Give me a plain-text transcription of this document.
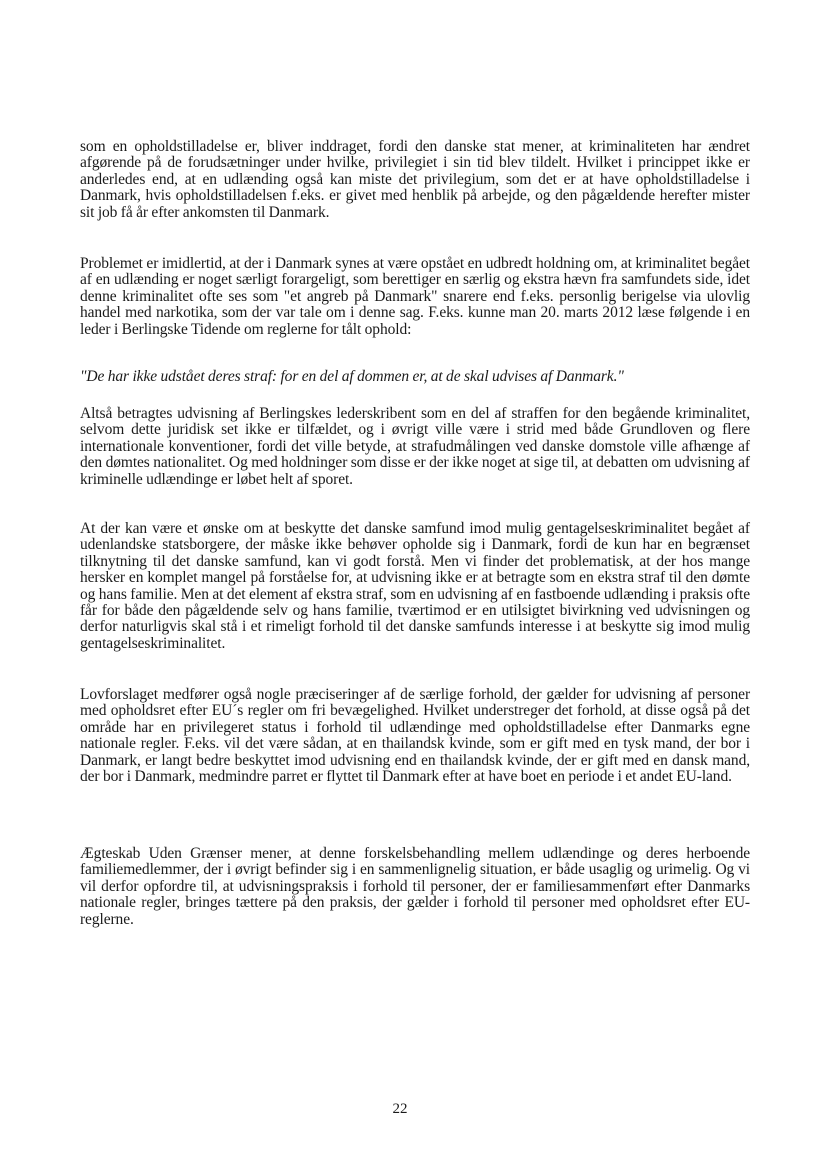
som en opholdstilladelse er, bliver inddraget, fordi den danske stat mener, at kriminaliteten har ændret afgørende på de forudsætninger under hvilke, privilegiet i sin tid blev tildelt. Hvilket i princippet ikke er anderledes end, at en udlænding også kan miste det privilegium, som det er at have opholdstilladelse i Danmark, hvis opholdstilladelsen f.eks. er givet med henblik på arbejde, og den pågældende herefter mister sit job få år efter ankomsten til Danmark.

Problemet er imidlertid, at der i Danmark synes at være opstået en udbredt holdning om, at kriminalitet begået af en udlænding er noget særligt forargeligt, som berettiger en særlig og ekstra hævn fra samfundets side, idet denne kriminalitet ofte ses som "et angreb på Danmark" snarere end f.eks. personlig berigelse via ulovlig handel med narkotika, som der var tale om i denne sag. F.eks. kunne man 20. marts 2012 læse følgende i en leder i Berlingske Tidende om reglerne for tålt ophold:

"De har ikke udstået deres straf: for en del af dommen er, at de skal udvises af Danmark."

Altså betragtes udvisning af Berlingskes lederskribent som en del af straffen for den begående kriminalitet, selvom dette juridisk set ikke er tilfældet, og i øvrigt ville være i strid med både Grundloven og flere internationale konventioner, fordi det ville betyde, at strafudmålingen ved danske domstole ville afhænge af den dømtes nationalitet. Og med holdninger som disse er der ikke noget at sige til, at debatten om udvisning af kriminelle udlændinge er løbet helt af sporet.

At der kan være et ønske om at beskytte det danske samfund imod mulig gentagelseskriminalitet begået af udenlandske statsborgere, der måske ikke behøver opholde sig i Danmark, fordi de kun har en begrænset tilknytning til det danske samfund, kan vi godt forstå. Men vi finder det problematisk, at der hos mange hersker en komplet mangel på forståelse for, at udvisning ikke er at betragte som en ekstra straf til den dømte og hans familie. Men at det element af ekstra straf, som en udvisning af en fastboende udlænding i praksis ofte får for både den pågældende selv og hans familie, tværtimod er en utilsigtet bivirkning ved udvisningen og derfor naturligvis skal stå i et rimeligt forhold til det danske samfunds interesse i at beskytte sig imod mulig gentagelseskriminalitet.

Lovforslaget medfører også nogle præciseringer af de særlige forhold, der gælder for udvisning af personer med opholdsret efter EU´s regler om fri bevægelighed. Hvilket understreger det forhold, at disse også på det område har en privilegeret status i forhold til udlændinge med opholdstilladelse efter Danmarks egne nationale regler. F.eks. vil det være sådan, at en thailandsk kvinde, som er gift med en tysk mand, der bor i Danmark, er langt bedre beskyttet imod udvisning end en thailandsk kvinde, der er gift med en dansk mand, der bor i Danmark, medmindre parret er flyttet til Danmark efter at have boet en periode i et andet EU-land.

Ægteskab Uden Grænser mener, at denne forskelsbehandling mellem udlændinge og deres herboende familiemedlemmer, der i øvrigt befinder sig i en sammenlignelig situation, er både usaglig og urimelig. Og vi vil derfor opfordre til, at udvisningspraksis i forhold til personer, der er familiesammenført efter Danmarks nationale regler, bringes tættere på den praksis, der gælder i forhold til personer med opholdsret efter EU-reglerne.

22
